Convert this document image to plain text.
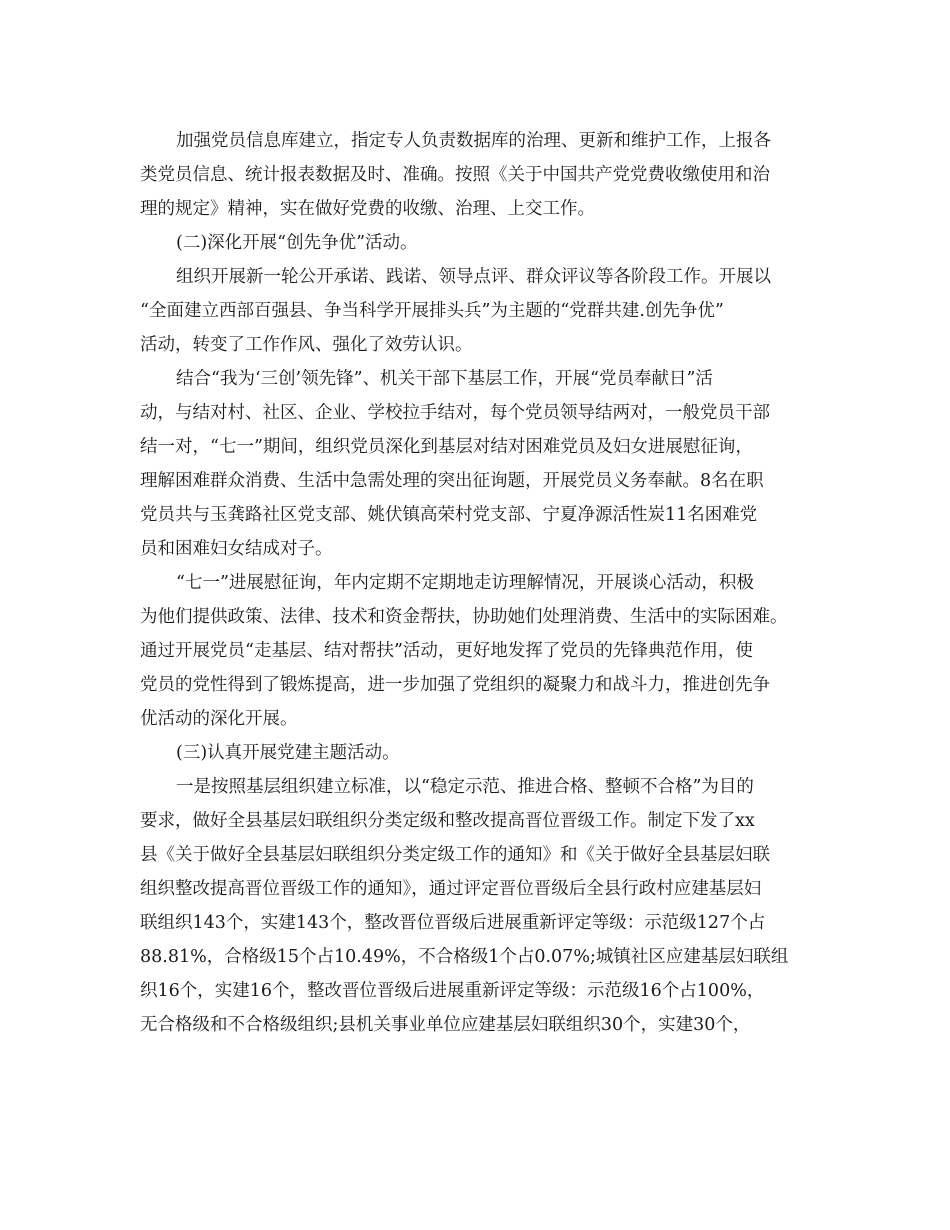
加强党员信息库建立，指定专人负责数据库的治理、更新和维护工作，上报各
类党员信息、统计报表数据及时、准确。按照《关于中国共产党党费收缴使用和治
理的规定》精神，实在做好党费的收缴、治理、上交工作。
(二)深化开展“创先争优”活动。
组织开展新一轮公开承诺、践诺、领导点评、群众评议等各阶段工作。开展以
“全面建立西部百强县、争当科学开展排头兵”为主题的“党群共建.创先争优”
活动，转变了工作作风、强化了效劳认识。
结合“我为‘三创’领先锋”、机关干部下基层工作，开展“党员奉献日”活
动，与结对村、社区、企业、学校拉手结对，每个党员领导结两对，一般党员干部
结一对，“七一”期间，组织党员深化到基层对结对困难党员及妇女进展慰征询，
理解困难群众消费、生活中急需处理的突出征询题，开展党员义务奉献。8名在职
党员共与玉龚路社区党支部、姚伏镇高荣村党支部、宁夏净源活性炭11名困难党
员和困难妇女结成对子。
“七一”进展慰征询，年内定期不定期地走访理解情况，开展谈心活动，积极
为他们提供政策、法律、技术和资金帮扶，协助她们处理消费、生活中的实际困难。
通过开展党员“走基层、结对帮扶”活动，更好地发挥了党员的先锋典范作用，使
党员的党性得到了锻炼提高，进一步加强了党组织的凝聚力和战斗力，推进创先争
优活动的深化开展。
(三)认真开展党建主题活动。
一是按照基层组织建立标准，以“稳定示范、推进合格、整顿不合格”为目的
要求，做好全县基层妇联组织分类定级和整改提高晋位晋级工作。制定下发了xx
县《关于做好全县基层妇联组织分类定级工作的通知》和《关于做好全县基层妇联
组织整改提高晋位晋级工作的通知》，通过评定晋位晋级后全县行政村应建基层妇
联组织143个，实建143个，整改晋位晋级后进展重新评定等级：示范级127个占
88.81%，合格级15个占10.49%，不合格级1个占0.07%;城镇社区应建基层妇联组
织16个，实建16个，整改晋位晋级后进展重新评定等级：示范级16个占100%，
无合格级和不合格级组织;县机关事业单位应建基层妇联组织30个，实建30个，
